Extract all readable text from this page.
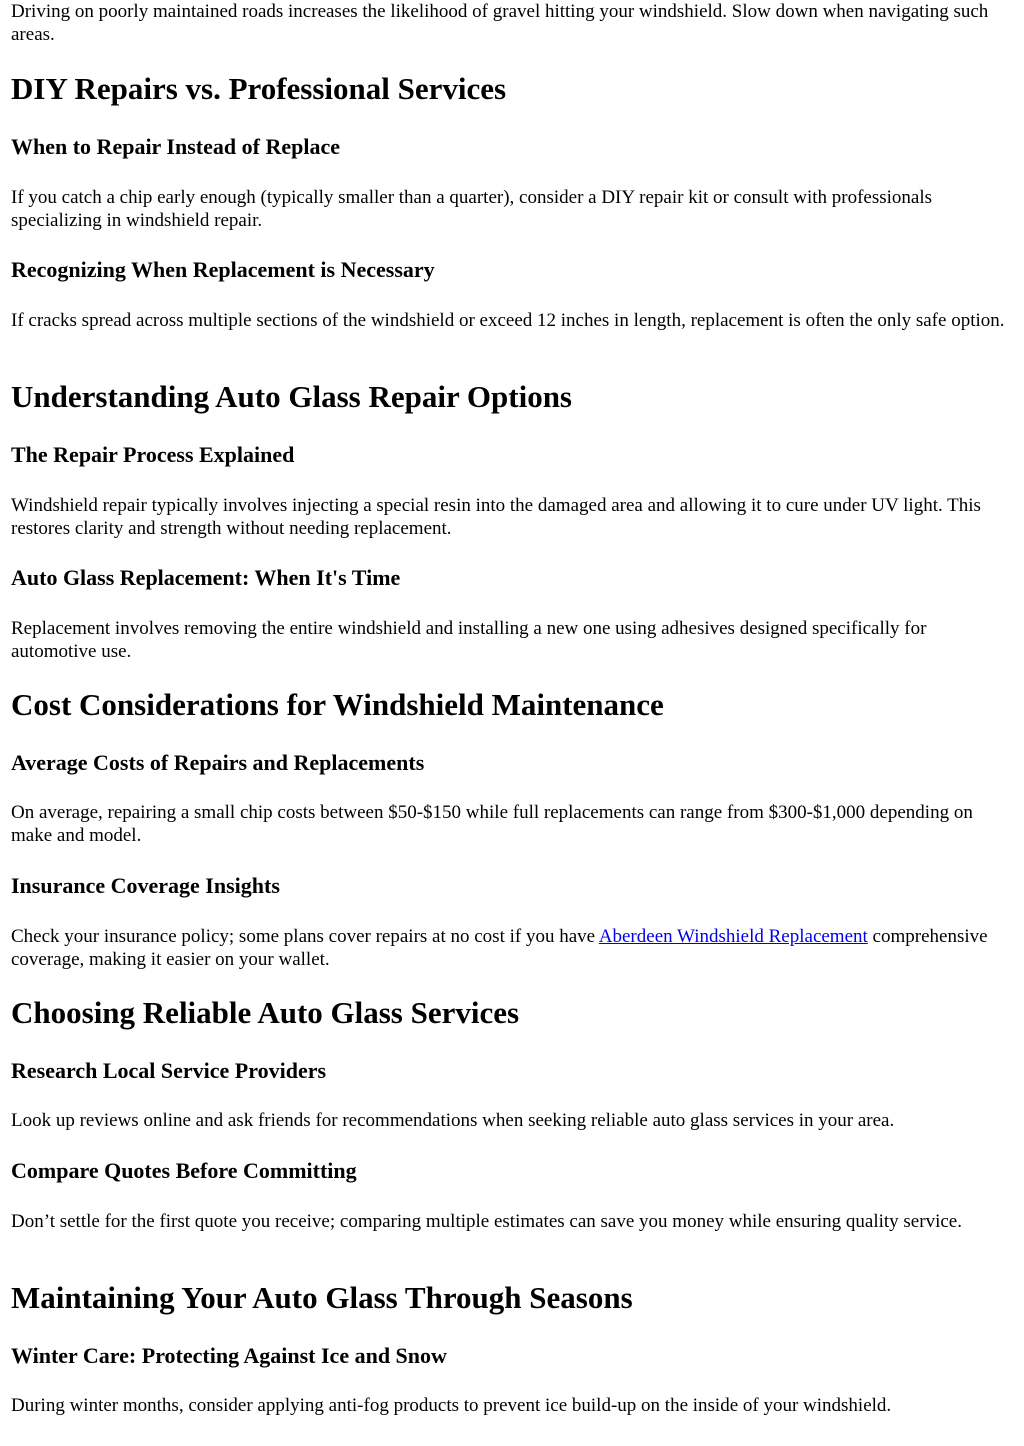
Driving on poorly maintained roads increases the likelihood of gravel hitting your windshield. Slow down when navigating such areas.

DIY Repairs vs. Professional Services
When to Repair Instead of Replace

If you catch a chip early enough (typically smaller than a quarter), consider a DIY repair kit or consult with professionals specializing in windshield repair.

Recognizing When Replacement is Necessary

If cracks spread across multiple sections of the windshield or exceed 12 inches in length, replacement is often the only safe option.

Understanding Auto Glass Repair Options
The Repair Process Explained

Windshield repair typically involves injecting a special resin into the damaged area and allowing it to cure under UV light. This restores clarity and strength without needing replacement.

Auto Glass Replacement: When It's Time

Replacement involves removing the entire windshield and installing a new one using adhesives designed specifically for automotive use.

Cost Considerations for Windshield Maintenance
Average Costs of Repairs and Replacements

On average, repairing a small chip costs between $50-$150 while full replacements can range from $300-$1,000 depending on make and model.

Insurance Coverage Insights

Check your insurance policy; some plans cover repairs at no cost if you have Aberdeen Windshield Replacement comprehensive coverage, making it easier on your wallet.

Choosing Reliable Auto Glass Services
Research Local Service Providers

Look up reviews online and ask friends for recommendations when seeking reliable auto glass services in your area.

Compare Quotes Before Committing

Don’t settle for the first quote you receive; comparing multiple estimates can save you money while ensuring quality service.

Maintaining Your Auto Glass Through Seasons
Winter Care: Protecting Against Ice and Snow

During winter months, consider applying anti-fog products to prevent ice build-up on the inside of your windshield.
